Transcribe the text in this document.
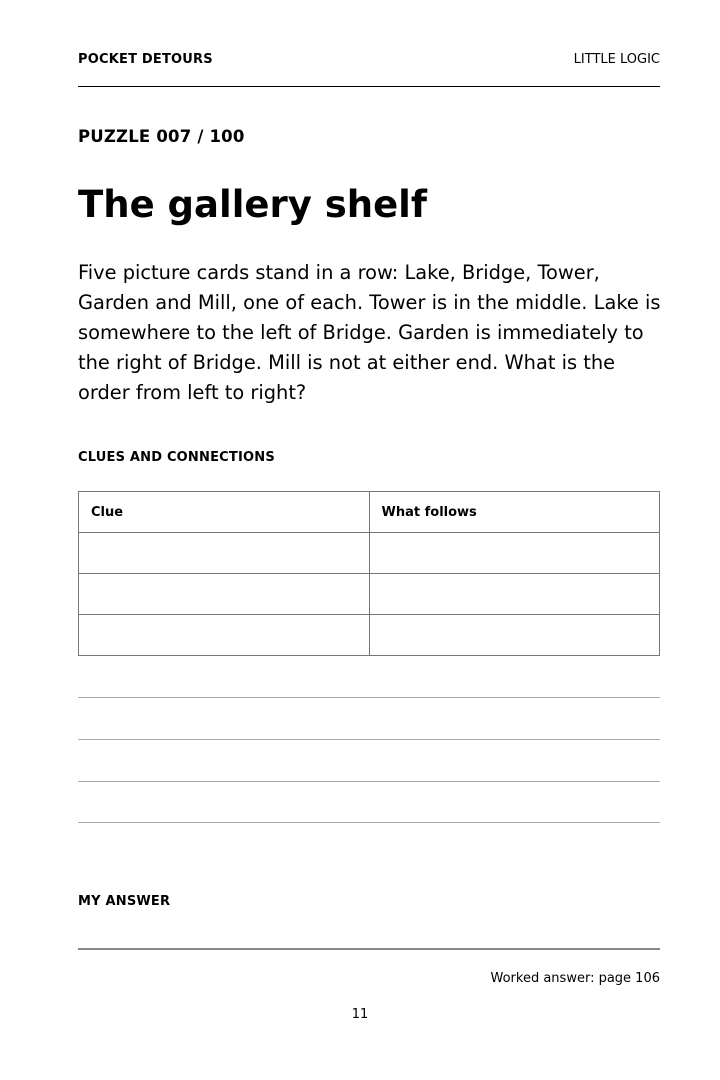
POCKET DETOURS	LITTLE LOGIC
PUZZLE 007 / 100
The gallery shelf

Five picture cards stand in a row: Lake, Bridge, Tower, Garden and Mill, one of each. Tower is in the middle. Lake is somewhere to the left of Bridge. Garden is immediately to the right of Bridge. Mill is not at either end. What is the order from left to right?

CLUES AND CONNECTIONS
Clue	What follows

MY ANSWER
Worked answer: page 106
11
